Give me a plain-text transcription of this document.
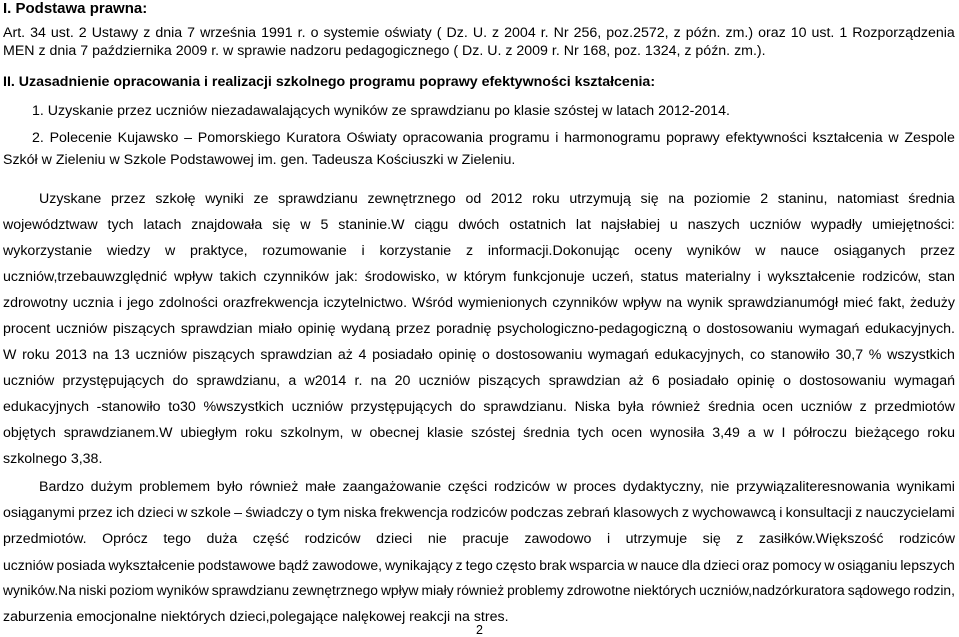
I. Podstawa prawna:
Art. 34 ust. 2 Ustawy z dnia 7 września 1991 r. o systemie oświaty ( Dz. U. z 2004 r. Nr 256, poz.2572, z późn. zm.) oraz 10 ust. 1 Rozporządzenia
MEN z dnia 7 października 2009 r. w sprawie nadzoru pedagogicznego ( Dz. U. z 2009 r. Nr 168, poz. 1324, z późn. zm.).
II. Uzasadnienie opracowania i realizacji szkolnego programu poprawy efektywności kształcenia:
1. Uzyskanie przez uczniów niezadawalających wyników ze sprawdzianu po klasie szóstej w latach 2012-2014.
2. Polecenie Kujawsko – Pomorskiego Kuratora Oświaty opracowania programu i harmonogramu poprawy efektywności kształcenia w Zespole
Szkół w Zieleniu w Szkole Podstawowej im. gen. Tadeusza Kościuszki w Zieleniu.
Uzyskane przez szkołę wyniki ze sprawdzianu zewnętrznego od 2012 roku utrzymują się na poziomie 2 staninu, natomiast średnia
województwaw tych latach znajdowała się w 5 staninie.W ciągu dwóch ostatnich lat najsłabiej u naszych uczniów wypadły umiejętności:
wykorzystanie wiedzy w praktyce, rozumowanie i korzystanie z informacji.Dokonując oceny wyników w nauce osiąganych przez
uczniów,trzebauwzględnić wpływ takich czynników jak: środowisko, w którym funkcjonuje uczeń, status materialny i wykształcenie rodziców, stan
zdrowotny ucznia i jego zdolności orazfrekwencja iczytelnictwo. Wśród wymienionych czynników wpływ na wynik sprawdzianumógł mieć fakt, żeduży
procent uczniów piszących sprawdzian miało opinię wydaną przez poradnię psychologiczno-pedagogiczną o dostosowaniu wymagań edukacyjnych.
W roku 2013 na 13 uczniów piszących sprawdzian aż 4 posiadało opinię o dostosowaniu wymagań edukacyjnych, co stanowiło 30,7 % wszystkich
uczniów przystępujących do sprawdzianu, a w2014 r. na 20 uczniów piszących sprawdzian aż 6 posiadało opinię o dostosowaniu wymagań
edukacyjnych -stanowiło to30 %wszystkich uczniów przystępujących do sprawdzianu. Niska była również średnia ocen uczniów z przedmiotów
objętych sprawdzianem.W ubiegłym roku szkolnym, w obecnej klasie szóstej średnia tych ocen wynosiła 3,49 a w I półroczu bieżącego roku
szkolnego 3,38.
Bardzo dużym problemem było również małe zaangażowanie części rodziców w proces dydaktyczny, nie przywiązaliteresnowania wynikami
osiąganymi przez ich dzieci w szkole – świadczy o tym niska frekwencja rodziców podczas zebrań klasowych z wychowawcą i konsultacji z nauczycielami
przedmiotów. Oprócz tego duża część rodziców dzieci nie pracuje zawodowo i utrzymuje się z zasiłków.Większość rodziców
uczniów posiada wykształcenie podstawowe bądź zawodowe, wynikający z tego często brak wsparcia w nauce dla dzieci oraz pomocy w osiąganiu lepszych
wyników.Na niski poziom wyników sprawdzianu zewnętrznego wpływ miały również problemy zdrowotne niektórych uczniów,nadzórkuratora sądowego rodzin,
zaburzenia emocjonalne niektórych dzieci,polegające nalękowej reakcji na stres.
2
